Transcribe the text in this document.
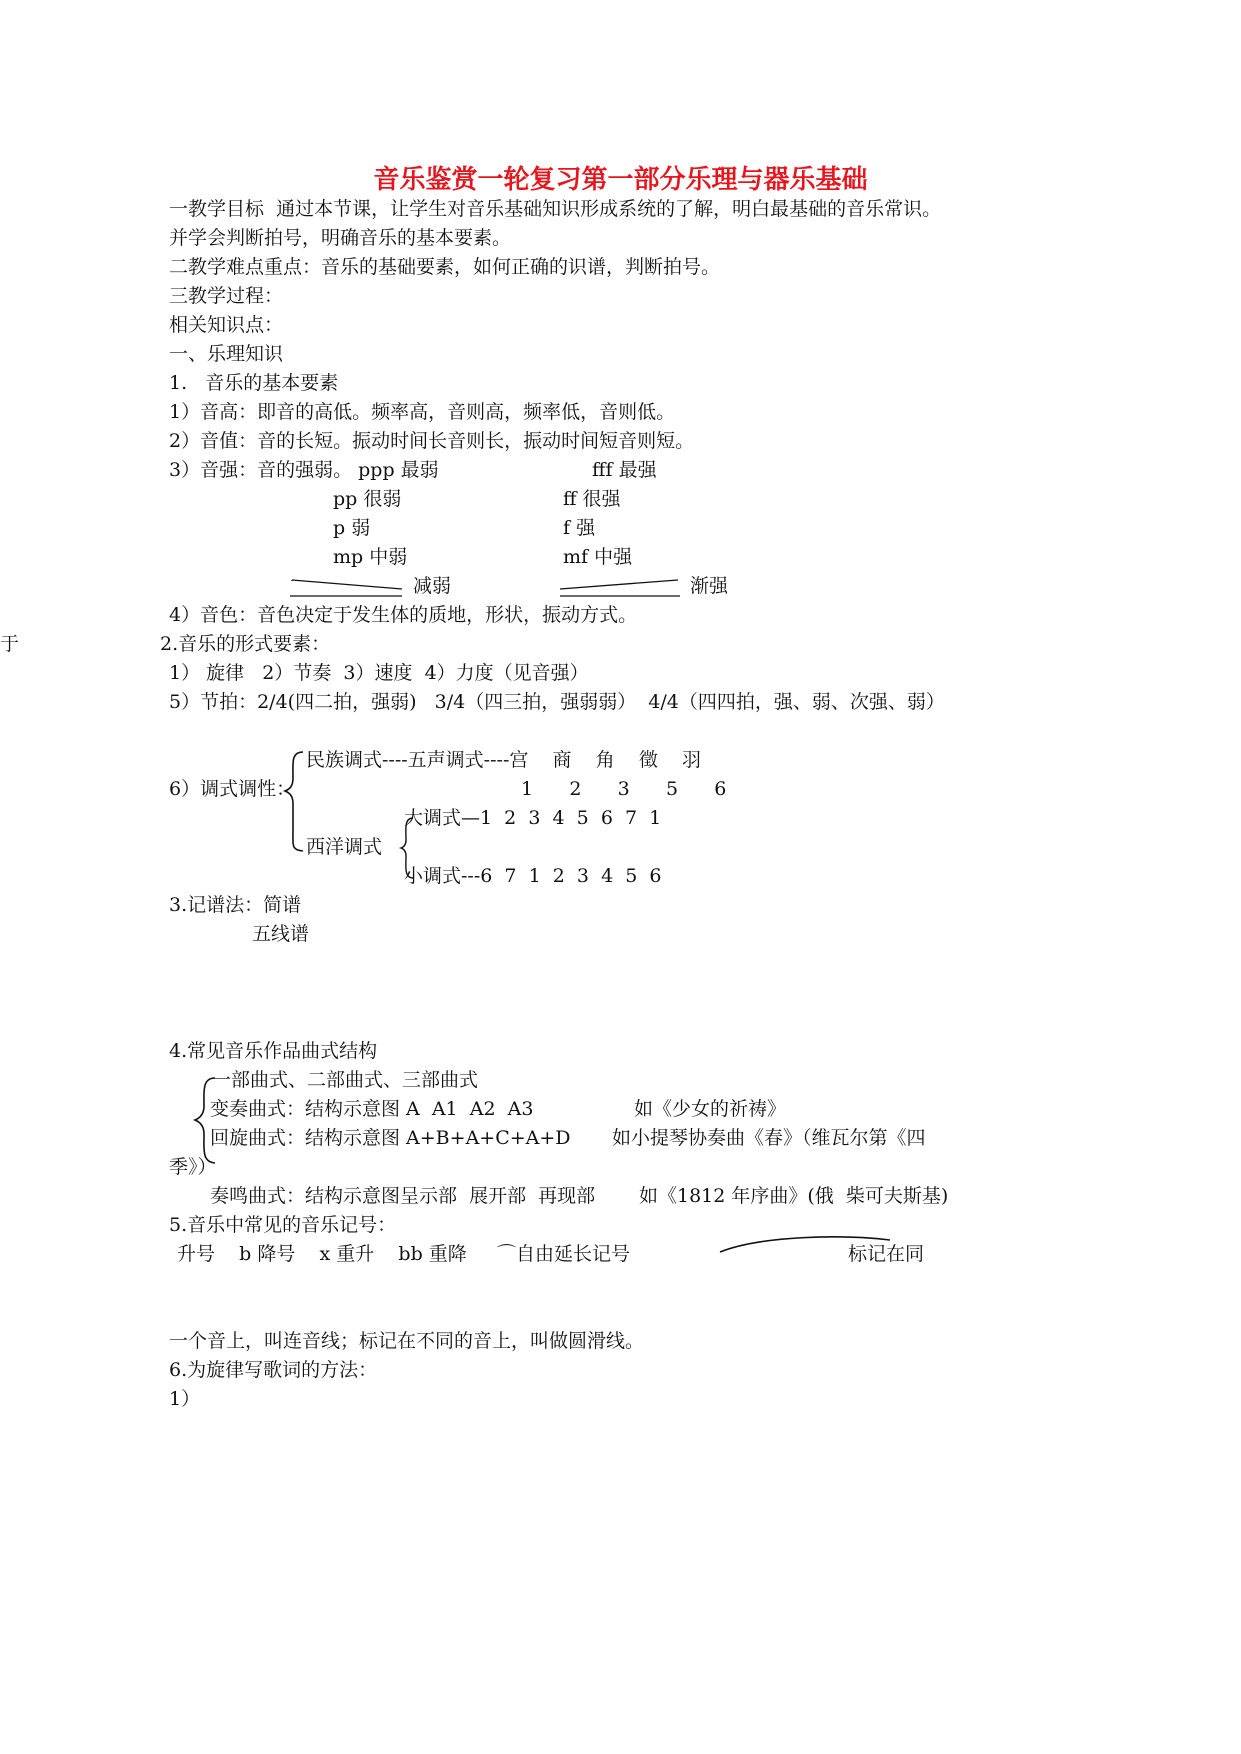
音乐鉴赏一轮复习第一部分乐理与器乐基础
一教学目标  通过本节课，让学生对音乐基础知识形成系统的了解，明白最基础的音乐常识。
并学会判断拍号，明确音乐的基本要素。
二教学难点重点：音乐的基础要素，如何正确的识谱，判断拍号。
三教学过程：
相关知识点：
一、乐理知识
1.   音乐的基本要素
1）音高：即音的高低。频率高，音则高，频率低，音则低。
2）音值：音的长短。振动时间长音则长，振动时间短音则短。
3）音强：音的强弱。 ppp 最弱	fff 最强
pp 很弱	ff 很强
p 弱	f 强
mp 中弱	mf 中强
减弱	渐强
4）音色：音色决定于发生体的质地，形状，振动方式。
于	2.音乐的形式要素：
1） 旋律   2）节奏  3）速度  4）力度（见音强）
5）节拍：2/4(四二拍，强弱)   3/4（四三拍，强弱弱）  4/4（四四拍，强、弱、次强、弱）
民族调式----五声调式----宫    商    角    徵    羽
1      2      3      5      6
6）调式调性：
大调式—1  2  3  4  5  6  7  1
西洋调式
小调式---6  7  1  2  3  4  5  6
3.记谱法：简谱
五线谱
4.常见音乐作品曲式结构
一部曲式、二部曲式、三部曲式
变奏曲式：结构示意图 A  A1  A2  A3	如《少女的祈祷》
回旋曲式：结构示意图 A+B+A+C+A+D 如小提琴协奏曲《春》（维瓦尔第《四
季》）
奏鸣曲式：结构示意图呈示部  展开部  再现部 如《1812 年序曲》(俄  柴可夫斯基)
5.音乐中常见的音乐记号：
升号    b 降号    x 重升    bb 重降     ⌒自由延长记号	标记在同
一个音上，叫连音线；标记在不同的音上，叫做圆滑线。
6.为旋律写歌词的方法：
1）
